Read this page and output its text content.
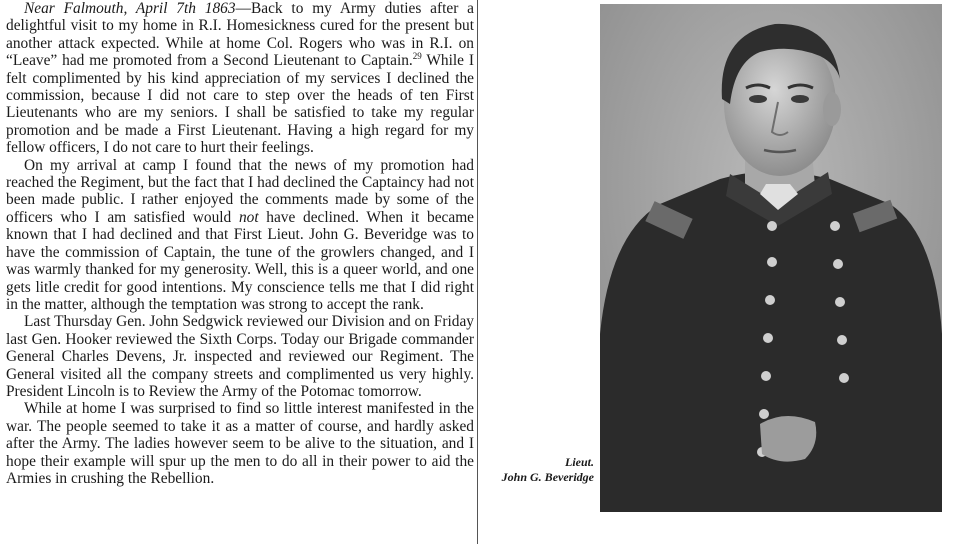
Near Falmouth, April 7th 1863—Back to my Army duties after a delightful visit to my home in R.I. Homesickness cured for the present but another attack expected. While at home Col. Rogers who was in R.I. on “Leave” had me promoted from a Second Lieutenant to Captain.$^{29}$ While I felt complimented by his kind appreciation of my services I declined the commission, because I did not care to step over the heads of ten First Lieutenants who are my seniors. I shall be satisfied to take my regular promotion and be made a First Lieutenant. Having a high regard for my fellow officers, I do not care to hurt their feelings.

On my arrival at camp I found that the news of my promotion had reached the Regiment, but the fact that I had declined the Captaincy had not been made public. I rather enjoyed the comments made by some of the officers who I am satisfied would not have declined. When it became known that I had declined and that First Lieut. John G. Beveridge was to have the commission of Captain, the tune of the growlers changed, and I was warmly thanked for my generosity. Well, this is a queer world, and one gets litle credit for good intentions. My conscience tells me that I did right in the matter, although the temptation was strong to accept the rank.

Last Thursday Gen. John Sedgwick reviewed our Division and on Friday last Gen. Hooker reviewed the Sixth Corps. Today our Brigade commander General Charles Devens, Jr. inspected and reviewed our Regiment. The General visited all the company streets and complimented us very highly. President Lincoln is to Review the Army of the Potomac tomorrow.

While at home I was surprised to find so little interest manifested in the war. The people seemed to take it as a matter of course, and hardly asked after the Army. The ladies however seem to be alive to the situation, and I hope their example will spur up the men to do all in their power to aid the Armies in crushing the Rebellion.

Lieut.
John G. Beveridge
